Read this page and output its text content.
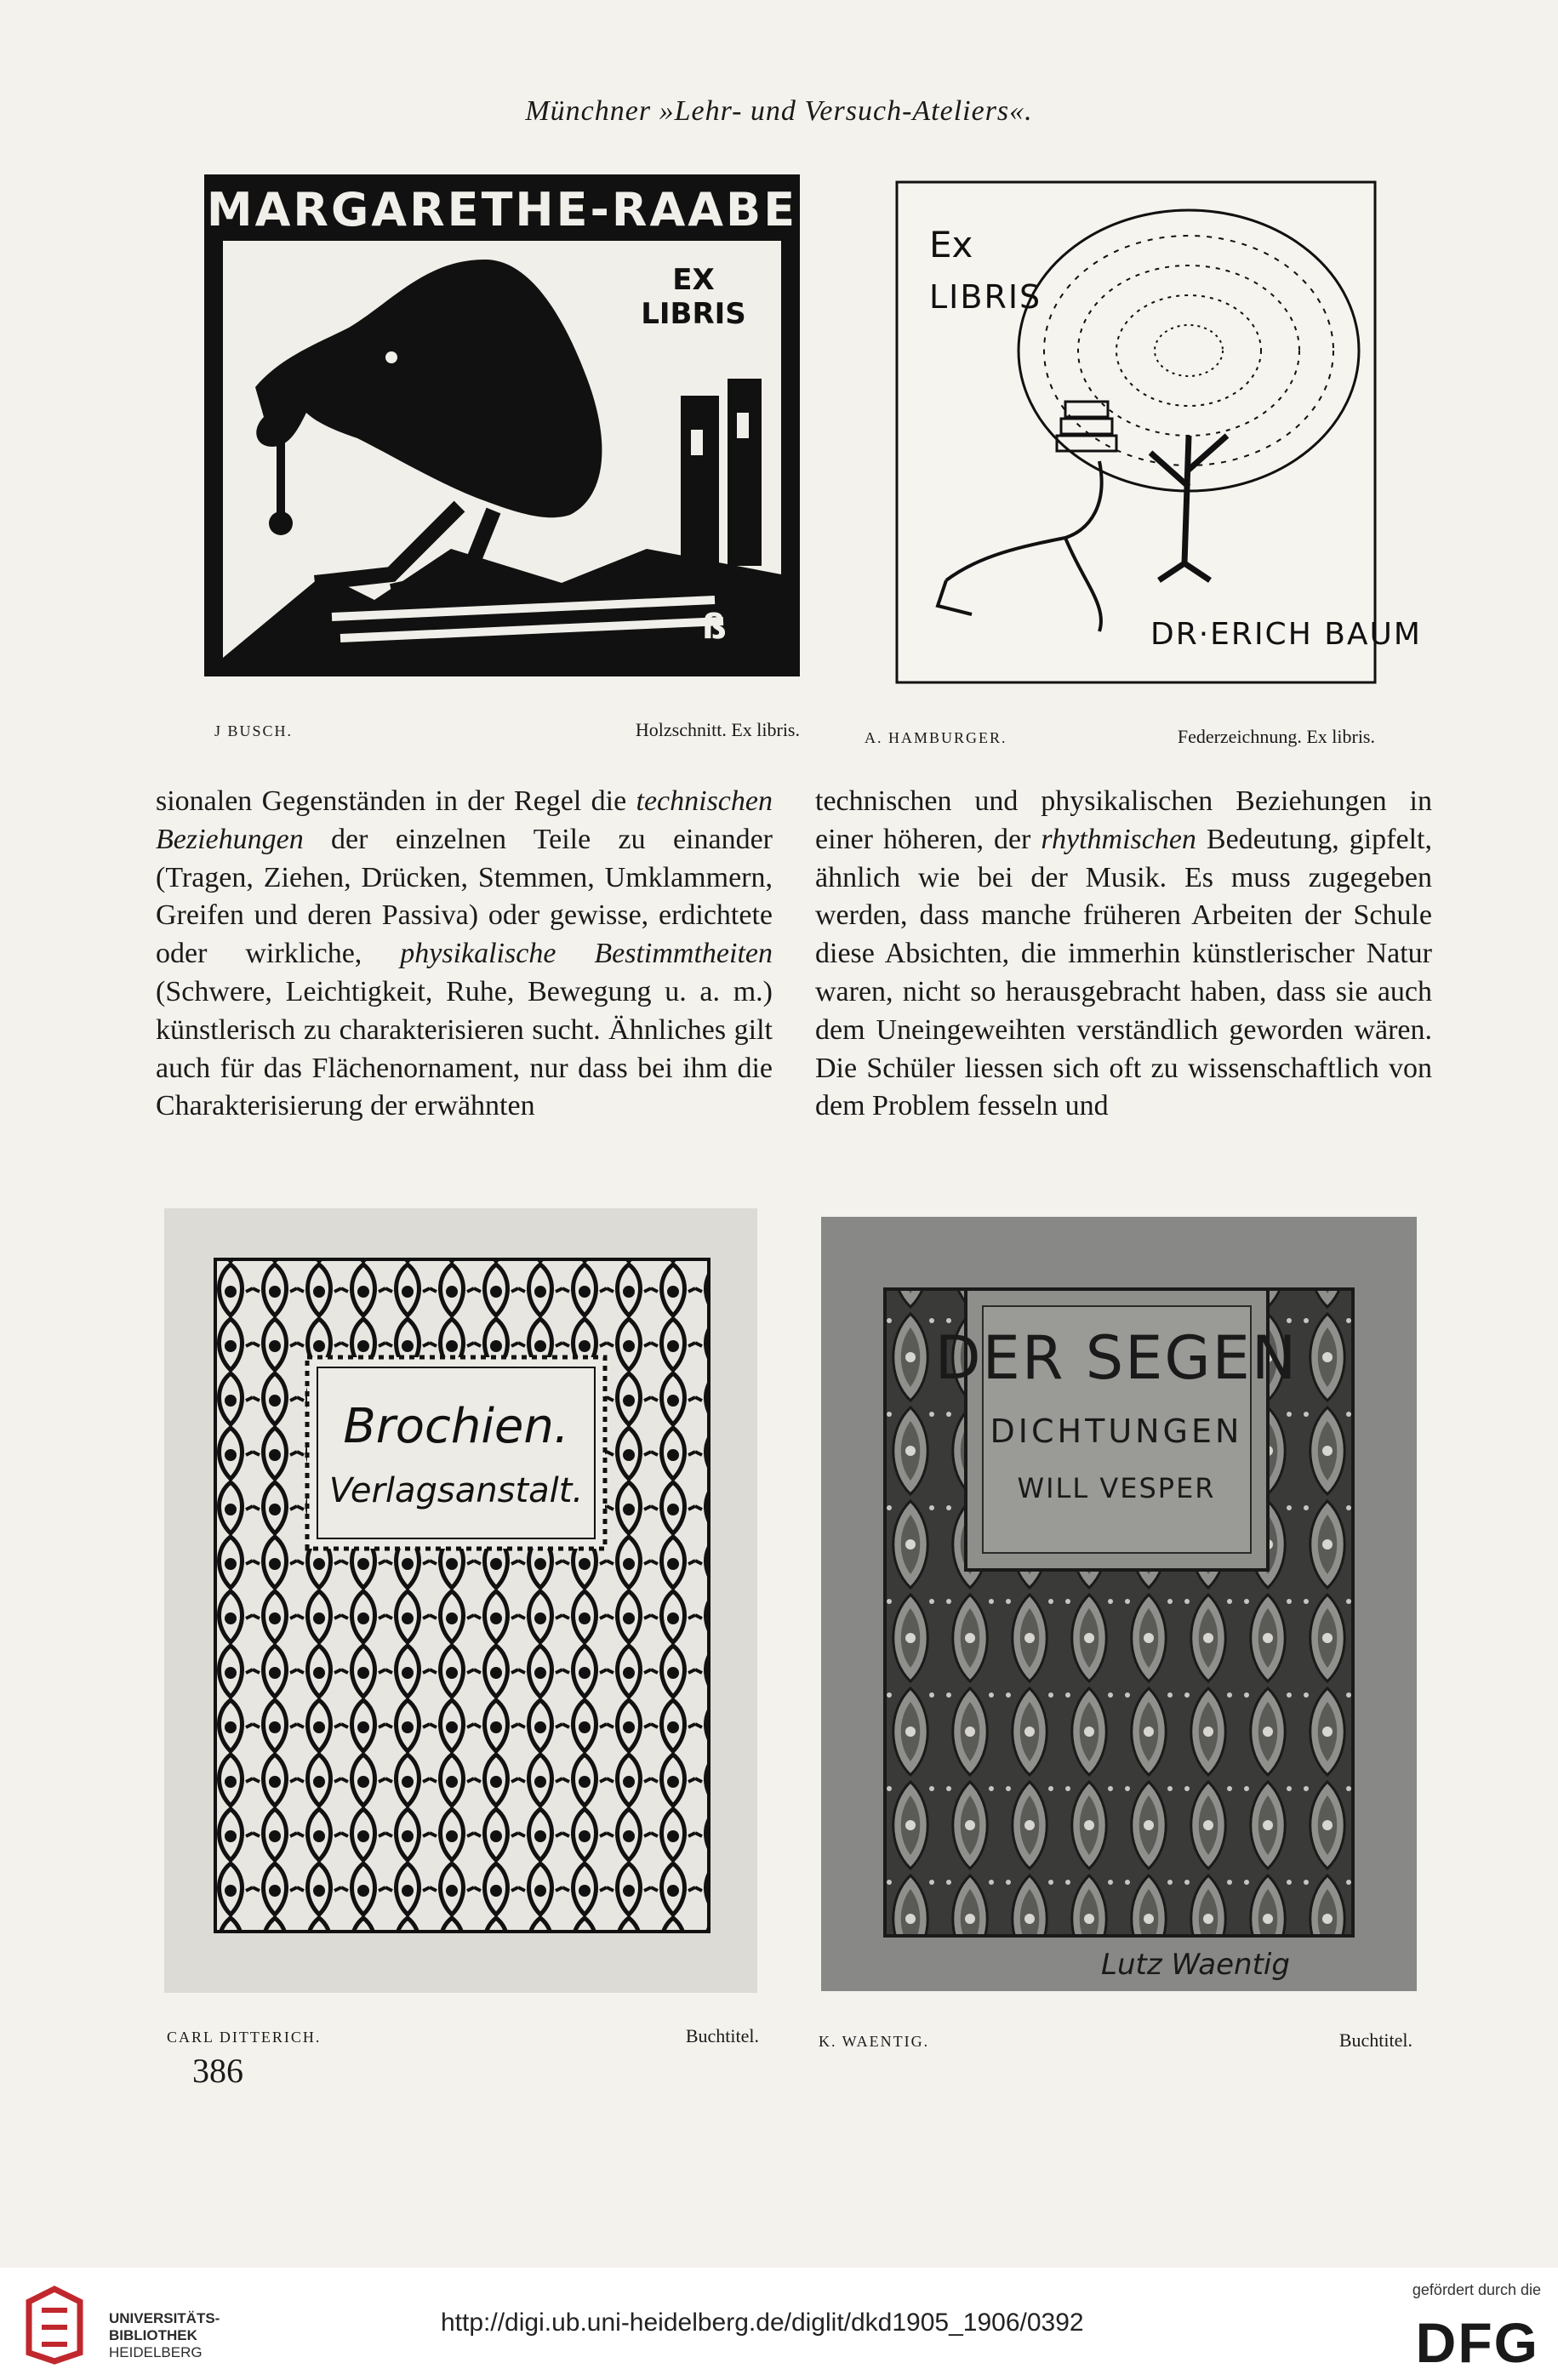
Münchner »Lehr- und Versuch-Ateliers«.
MARGARETHE-RAABE
EX
LIBRIS
ß
J BUSCH.	Holzschnitt. Ex libris.
Ex
LIBRIS
DR·ERICH BAUM
A. HAMBURGER.	Federzeichnung. Ex libris.

sionalen Gegenständen in der Regel die technischen Beziehungen der einzelnen Teile zu einander (Tragen, Ziehen, Drücken, Stemmen, Umklammern, Greifen und deren Passiva) oder gewisse, erdichtete oder wirkliche, physikalische Bestimmtheiten (Schwere, Leichtigkeit, Ruhe, Bewegung u. a. m.) künstlerisch zu charakterisieren sucht. Ähnliches gilt auch für das Flächenornament, nur dass bei ihm die Charakterisierung der erwähnten

technischen und physikalischen Beziehungen in einer höheren, der rhythmischen Bedeutung, gipfelt, ähnlich wie bei der Musik. Es muss zugegeben werden, dass manche früheren Arbeiten der Schule diese Absichten, die immerhin künstlerischer Natur waren, nicht so herausgebracht haben, dass sie auch dem Uneingeweihten verständlich geworden wären. Die Schüler liessen sich oft zu wissenschaftlich von dem Problem fesseln und

Brochien.
Verlagsanstalt.
CARL DITTERICH.	Buchtitel.
DER SEGEN
DICHTUNGEN
WILL VESPER
Lutz Waentig
K. WAENTIG.	Buchtitel.
386
UNIVERSITÄTS-
BIBLIOTHEK
HEIDELBERG
http://digi.ub.uni-heidelberg.de/diglit/dkd1905_1906/0392
gefördert durch die
DFG
